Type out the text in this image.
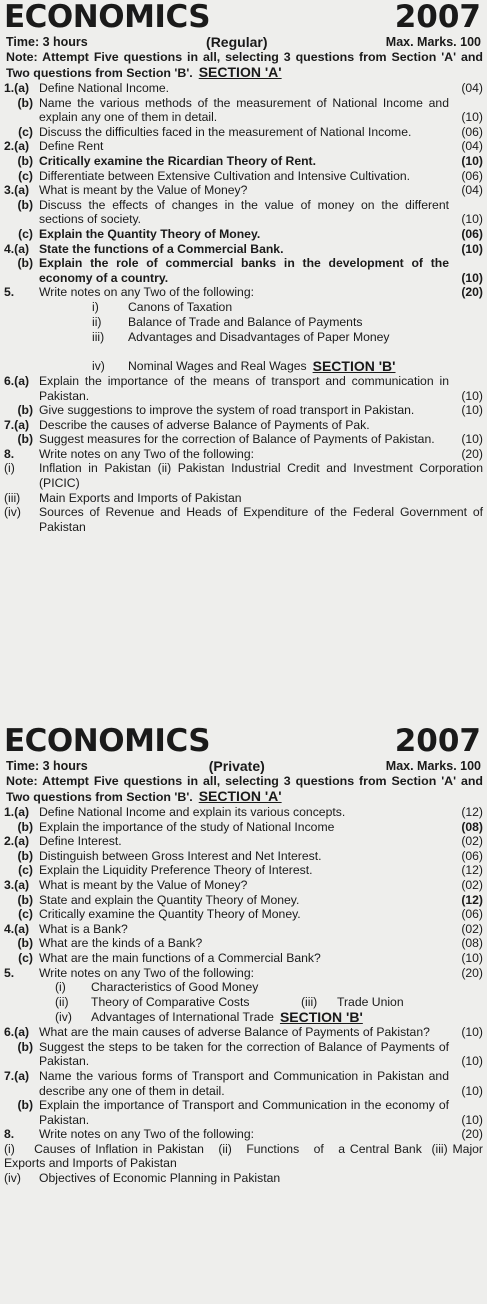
ECONOMICS	2007
Time: 3 hours	(Regular)	Max. Marks. 100
Note: Attempt Five questions in all, selecting 3 questions from Section 'A' and Two questions from Section 'B'. SECTION 'A'
1.(a) Define National Income.	(04)
(b) Name the various methods of the measurement of National Income and explain any one of them in detail.	(10)
(c) Discuss the difficulties faced in the measurement of National Income.	(06)
2.(a) Define Rent	(04)
(b) Critically examine the Ricardian Theory of Rent.	(10)
(c) Differentiate between Extensive Cultivation and Intensive Cultivation.	(06)
3.(a) What is meant by the Value of Money?	(04)
(b) Discuss the effects of changes in the value of money on the different sections of society.	(10)
(c) Explain the Quantity Theory of Money.	(06)
4.(a) State the functions of a Commercial Bank.	(10)
(b) Explain the role of commercial banks in the development of the economy of a country.	(10)
5.	Write notes on any Two of the following:	(20)
i)	Canons of Taxation
ii)	Balance of Trade and Balance of Payments
iii)	Advantages and Disadvantages of Paper Money
iv)	Nominal Wages and Real Wages SECTION 'B'
6.(a) Explain the importance of the means of transport and communication in Pakistan.	(10)
(b) Give suggestions to improve the system of road transport in Pakistan.	(10)
7.(a) Describe the causes of adverse Balance of Payments of Pak.
(b) Suggest measures for the correction of Balance of Payments of Pakistan.	(10)
8.	Write notes on any Two of the following:	(20)
(i)	Inflation in Pakistan (ii) Pakistan Industrial Credit and Investment Corporation (PICIC)
(iii)	Main Exports and Imports of Pakistan
(iv)	Sources of Revenue and Heads of Expenditure of the Federal Government of Pakistan
ECONOMICS	2007
Time: 3 hours	(Private)	Max. Marks. 100
Note: Attempt Five questions in all, selecting 3 questions from Section 'A' and Two questions from Section 'B'. SECTION 'A'
1.(a) Define National Income and explain its various concepts.	(12)
(b) Explain the importance of the study of National Income	(08)
2.(a) Define Interest.	(02)
(b) Distinguish between Gross Interest and Net Interest.	(06)
(c) Explain the Liquidity Preference Theory of Interest.	(12)
3.(a) What is meant by the Value of Money?	(02)
(b) State and explain the Quantity Theory of Money.	(12)
(c) Critically examine the Quantity Theory of Money.	(06)
4.(a) What is a Bank?	(02)
(b) What are the kinds of a Bank?	(08)
(c) What are the main functions of a Commercial Bank?	(10)
5.	Write notes on any Two of the following:	(20)
(i)	Characteristics of Good Money
(ii)	Theory of Comparative Costs	(iii)	Trade Union
(iv)	Advantages of International Trade SECTION 'B'
6.(a) What are the main causes of adverse Balance of Payments of Pakistan?	(10)
(b) Suggest the steps to be taken for the correction of Balance of Payments of Pakistan.	(10)
7.(a) Name the various forms of Transport and Communication in Pakistan and describe any one of them in detail.	(10)
(b) Explain the importance of Transport and Communication in the economy of Pakistan.	(10)
8.	Write notes on any Two of the following:	(20)
(i)    Causes of Inflation in Pakistan   (ii)   Functions   of   a Central Bank  (iii) Major Exports and Imports of Pakistan
(iv)	Objectives of Economic Planning in Pakistan
